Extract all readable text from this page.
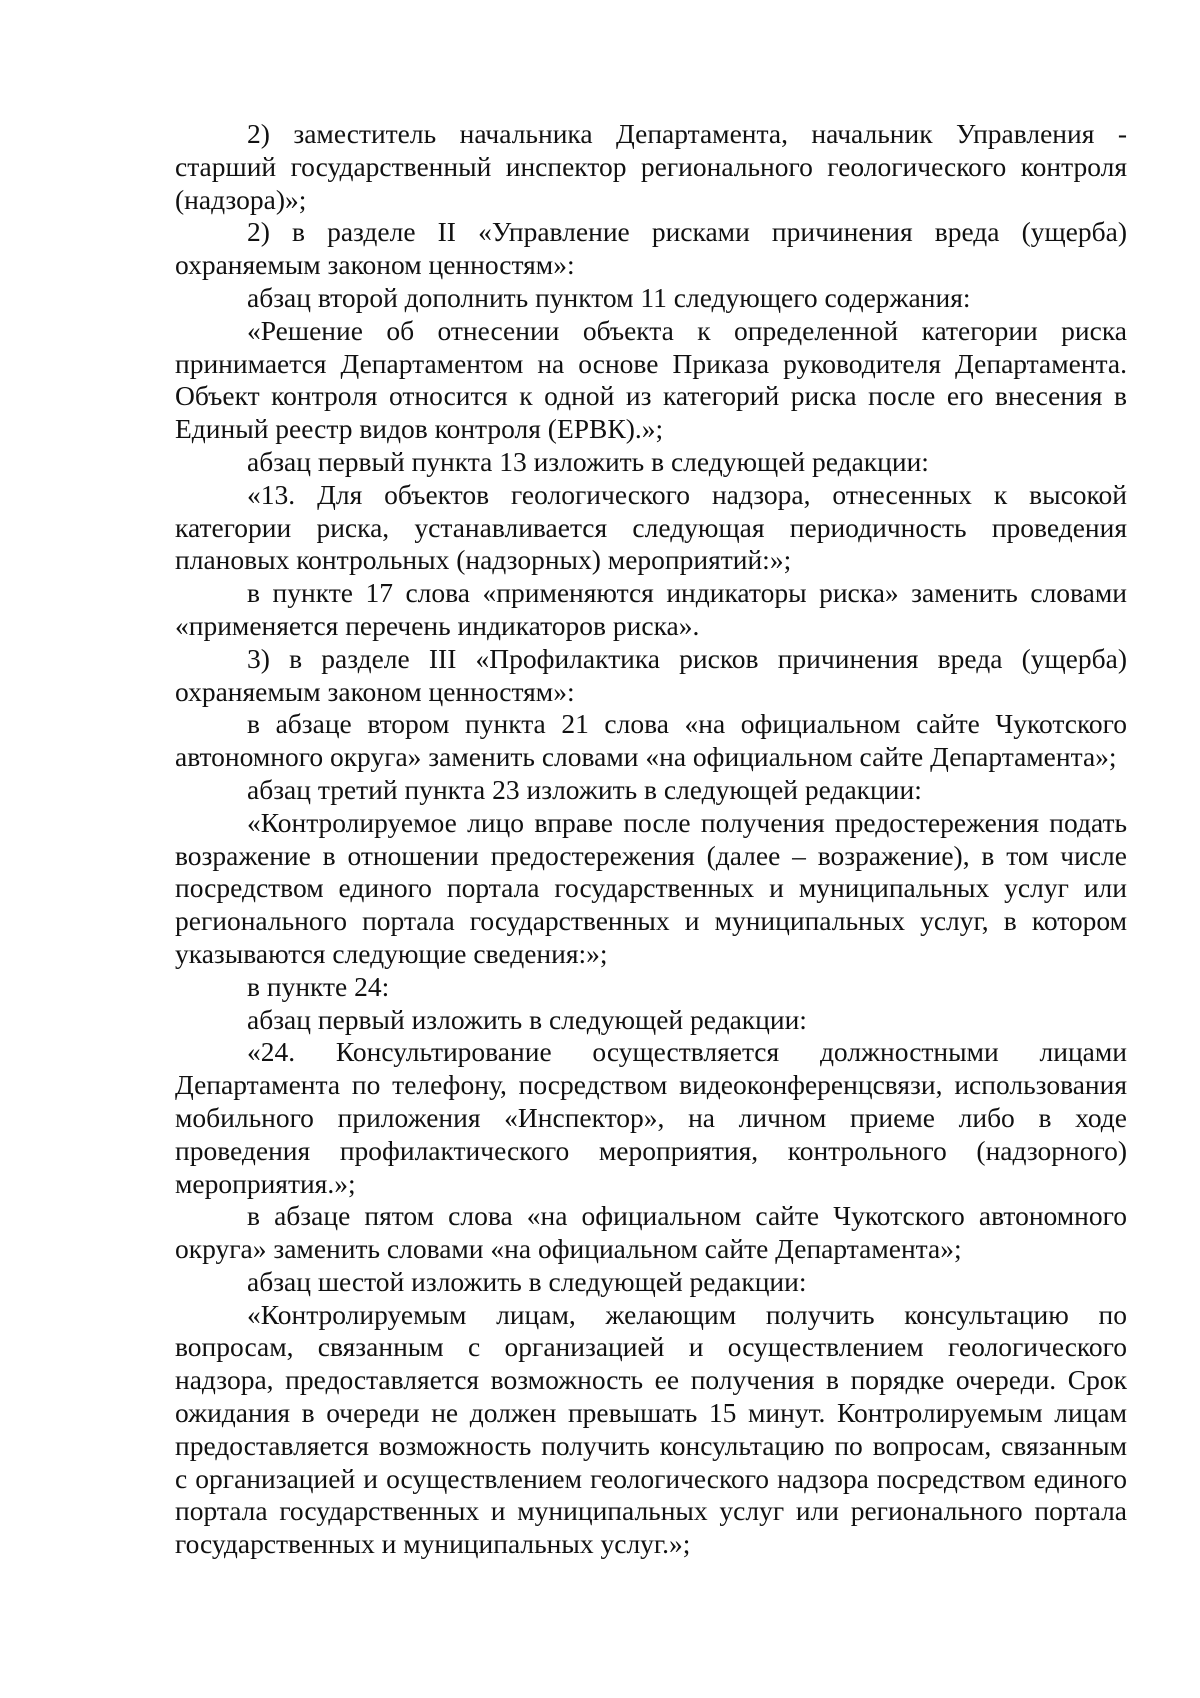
2) заместитель начальника Департамента, начальник Управления - старший государственный инспектор регионального геологического контроля (надзора)»;

2) в разделе II «Управление рисками причинения вреда (ущерба) охраняемым законом ценностям»:

абзац второй дополнить пунктом 11 следующего содержания:

«Решение об отнесении объекта к определенной категории риска принимается Департаментом на основе Приказа руководителя Департамента. Объект контроля относится к одной из категорий риска после его внесения в Единый реестр видов контроля (ЕРВК).»;

абзац первый пункта 13 изложить в следующей редакции:

«13. Для объектов геологического надзора, отнесенных к высокой категории риска, устанавливается следующая периодичность проведения плановых контрольных (надзорных) мероприятий:»;

в пункте 17 слова «применяются индикаторы риска» заменить словами «применяется перечень индикаторов риска».

3) в разделе III «Профилактика рисков причинения вреда (ущерба) охраняемым законом ценностям»:

в абзаце втором пункта 21 слова «на официальном сайте Чукотского автономного округа» заменить словами «на официальном сайте Департамента»;

абзац третий пункта 23 изложить в следующей редакции:

«Контролируемое лицо вправе после получения предостережения подать возражение в отношении предостережения (далее – возражение), в том числе посредством единого портала государственных и муниципальных услуг или регионального портала государственных и муниципальных услуг, в котором указываются следующие сведения:»;

в пункте 24:

абзац первый изложить в следующей редакции:

«24. Консультирование осуществляется должностными лицами Департамента по телефону, посредством видеоконференцсвязи, использования мобильного приложения «Инспектор», на личном приеме либо в ходе проведения профилактического мероприятия, контрольного (надзорного) мероприятия.»;

в абзаце пятом слова «на официальном сайте Чукотского автономного округа» заменить словами «на официальном сайте Департамента»;

абзац шестой изложить в следующей редакции:

«Контролируемым лицам, желающим получить консультацию по вопросам, связанным с организацией и осуществлением геологического надзора, предоставляется возможность ее получения в порядке очереди. Срок ожидания в очереди не должен превышать 15 минут. Контролируемым лицам предоставляется возможность получить консультацию по вопросам, связанным с организацией и осуществлением геологического надзора посредством единого портала государственных и муниципальных услуг или регионального портала государственных и муниципальных услуг.»;
